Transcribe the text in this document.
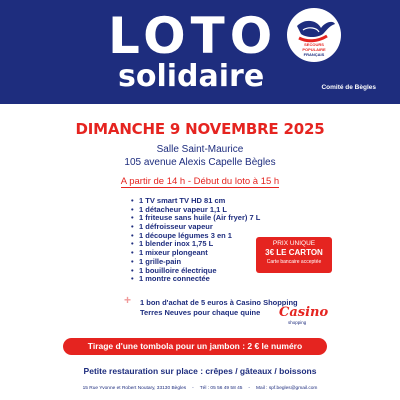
LOTO
solidaire
SECOURS
POPULAIRE
FRANÇAIS
Comité de Bègles
DIMANCHE 9 NOVEMBRE 2025
Salle Saint-Maurice
105 avenue Alexis Capelle Bègles
A partir de 14 h - Début du loto à 15 h
• 1 TV smart TV HD 81 cm
• 1 détacheur vapeur 1,1 L
• 1 friteuse sans huile (Air fryer) 7 L
• 1 défroisseur vapeur
• 1 découpe légumes 3 en 1
• 1 blender inox 1,75 L
• 1 mixeur plongeant
• 1 grille-pain
• 1 bouilloire électrique
• 1 montre connectée
PRIX UNIQUE
3€ LE CARTON
Carte bancaire acceptée
+ 1 bon d'achat de 5 euros à Casino Shopping
Terres Neuves pour chaque quine Casino
shopping
Tirage d'une tombola pour un jambon : 2 € le numéro
Petite restauration sur place : crêpes / gâteaux / boissons
15 Rue Yvonne et Robert Noutary, 33130 Bègles - Tél : 05 56 49 58 45 - Mail : spf.begles@gmail.com
